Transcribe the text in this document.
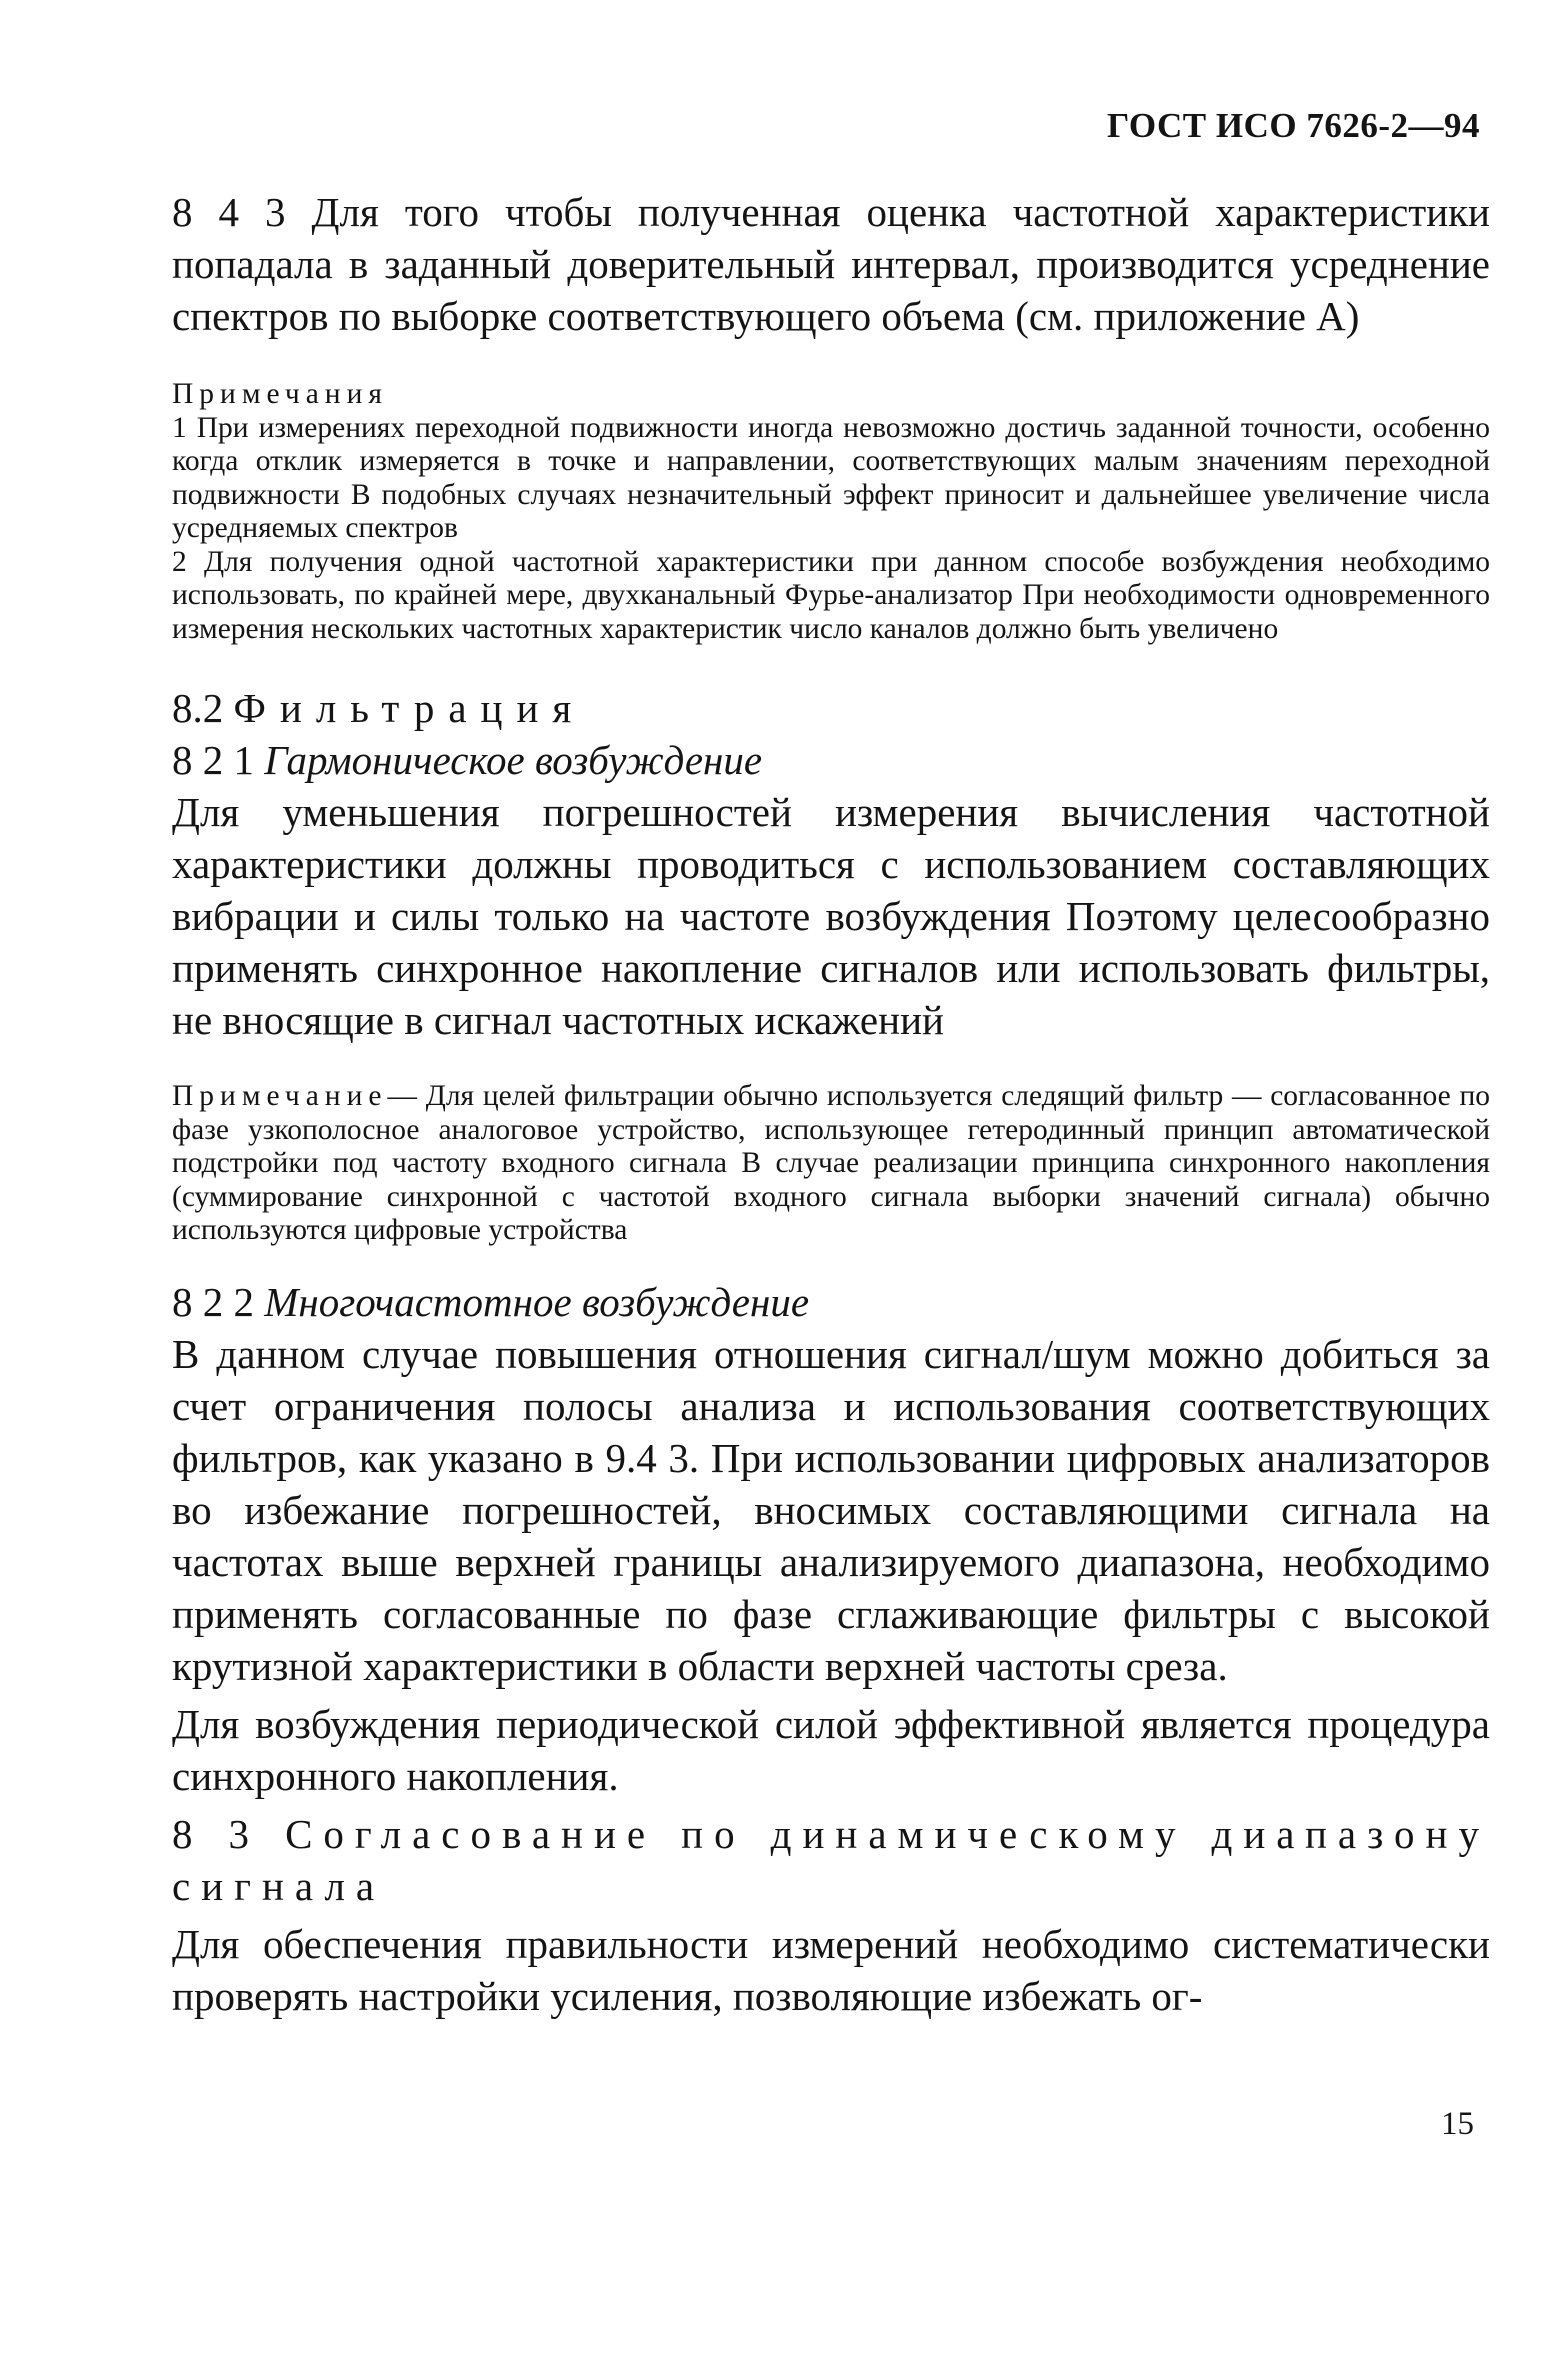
ГОСТ ИСО 7626-2—94

8 4 3 Для того чтобы полученная оценка частотной характеристики попадала в заданный доверительный интервал, производится усреднение спектров по выборке соответствующего объема (см. приложение А)

Примечания

1 При измерениях переходной подвижности иногда невозможно достичь заданной точности, особенно когда отклик измеряется в точке и направлении, соответствующих малым значениям переходной подвижности В подобных случаях незначительный эффект приносит и дальнейшее увеличение числа усредняемых спектров

2 Для получения одной частотной характеристики при данном способе возбуждения необходимо использовать, по крайней мере, двухканальный Фурье-анализатор При необходимости одновременного измерения нескольких частотных характеристик число каналов должно быть увеличено

8.2 Фильтрация
8 2 1 Гармоническое возбуждение

Для уменьшения погрешностей измерения вычисления частотной характеристики должны проводиться с использованием составляющих вибрации и силы только на частоте возбуждения Поэтому целесообразно применять синхронное накопление сигналов или использовать фильтры, не вносящие в сигнал частотных искажений

Примечание— Для целей фильтрации обычно используется следящий фильтр — согласованное по фазе узкополосное аналоговое устройство, использующее гетеродинный принцип автоматической подстройки под частоту входного сигнала В случае реализации принципа синхронного накопления (суммирование синхронной с частотой входного сигнала выборки значений сигнала) обычно используются цифровые устройства
8 2 2 Многочастотное возбуждение

В данном случае повышения отношения сигнал/шум можно добиться за счет ограничения полосы анализа и использования соответствующих фильтров, как указано в 9.4 3. При использовании цифровых анализаторов во избежание погрешностей, вносимых составляющими сигнала на частотах выше верхней границы анализируемого диапазона, необходимо применять согласованные по фазе сглаживающие фильтры с высокой крутизной характеристики в области верхней частоты среза.

Для возбуждения периодической силой эффективной является процедура синхронного накопления.

8 3 Согласование по динамическому диапазону сигнала

Для обеспечения правильности измерений необходимо систематически проверять настройки усиления, позволяющие избежать ог-

15
